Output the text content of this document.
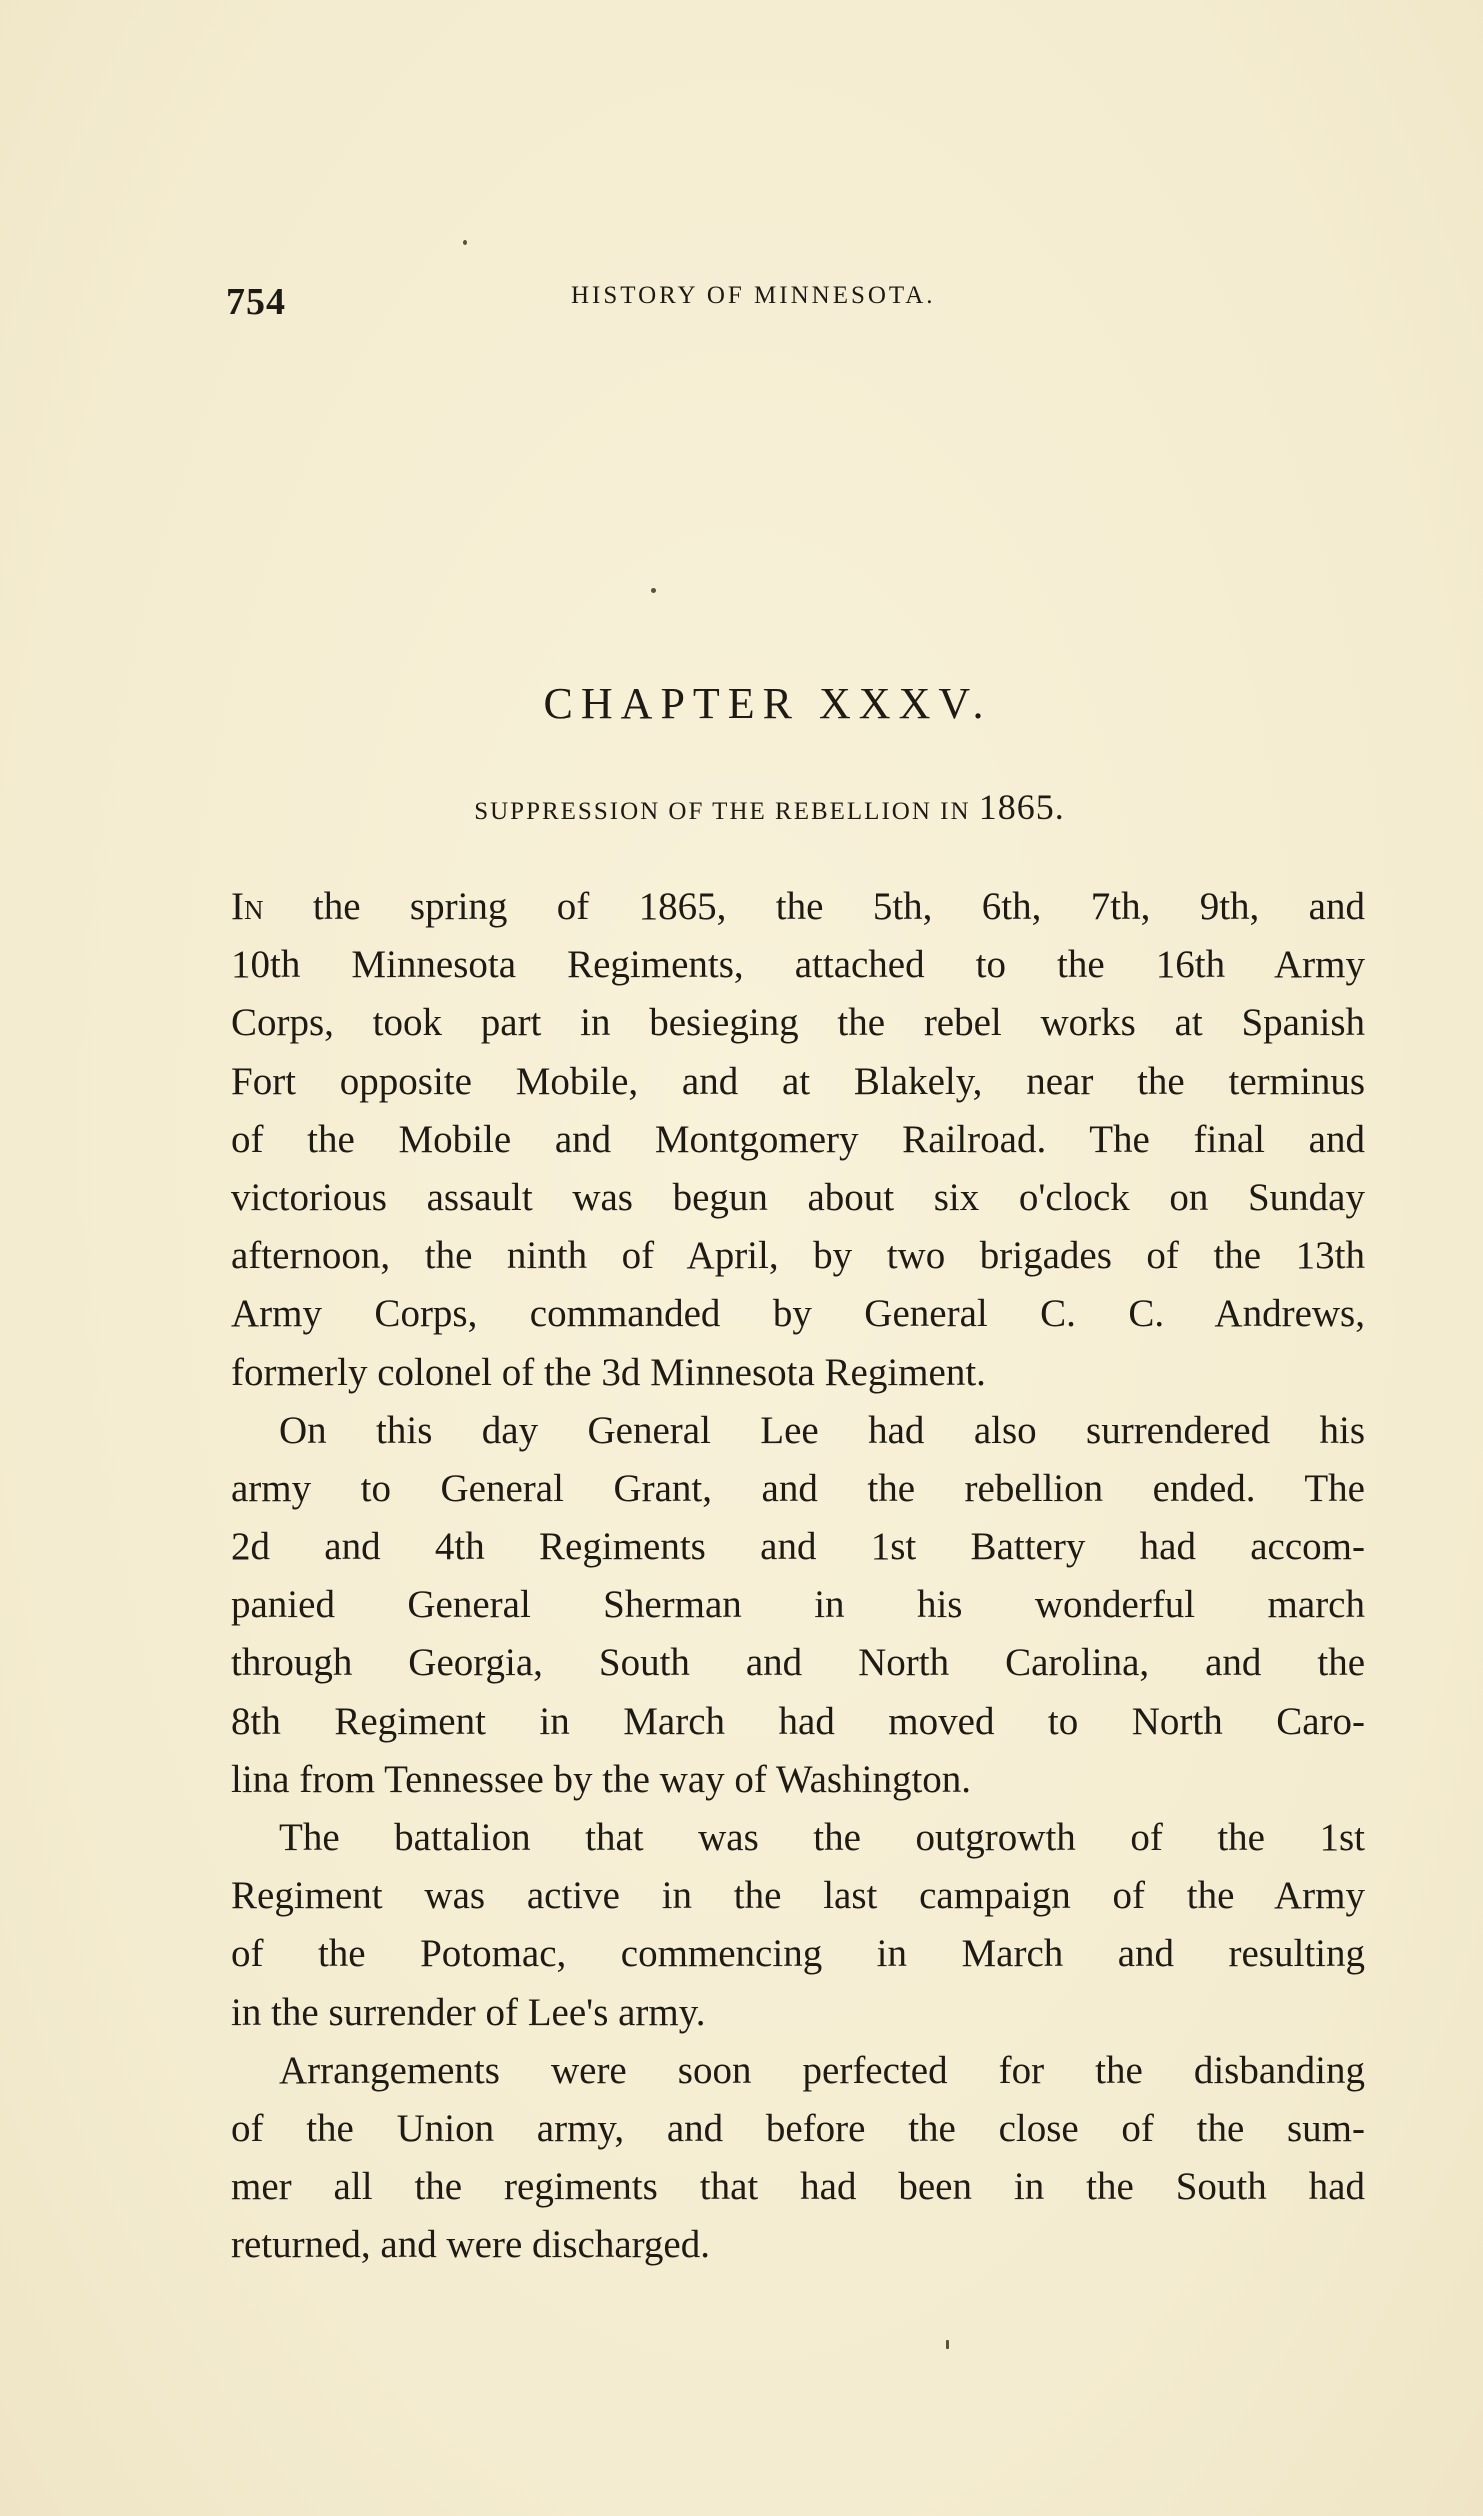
754	HISTORY OF MINNESOTA.
CHAPTER XXXV.
SUPPRESSION OF THE REBELLION IN 1865.
In the spring of 1865, the 5th, 6th, 7th, 9th, and
10th Minnesota Regiments, attached to the 16th Army
Corps, took part in besieging the rebel works at Spanish
Fort opposite Mobile, and at Blakely, near the terminus
of the Mobile and Montgomery Railroad. The final and
victorious assault was begun about six o'clock on Sunday
afternoon, the ninth of April, by two brigades of the 13th
Army Corps, commanded by General C. C. Andrews,
formerly colonel of the 3d Minnesota Regiment.
On this day General Lee had also surrendered his
army to General Grant, and the rebellion ended. The
2d and 4th Regiments and 1st Battery had accom-
panied General Sherman in his wonderful march
through Georgia, South and North Carolina, and the
8th Regiment in March had moved to North Caro-
lina from Tennessee by the way of Washington.
The battalion that was the outgrowth of the 1st
Regiment was active in the last campaign of the Army
of the Potomac, commencing in March and resulting
in the surrender of Lee's army.
Arrangements were soon perfected for the disbanding
of the Union army, and before the close of the sum-
mer all the regiments that had been in the South had
returned, and were discharged.
